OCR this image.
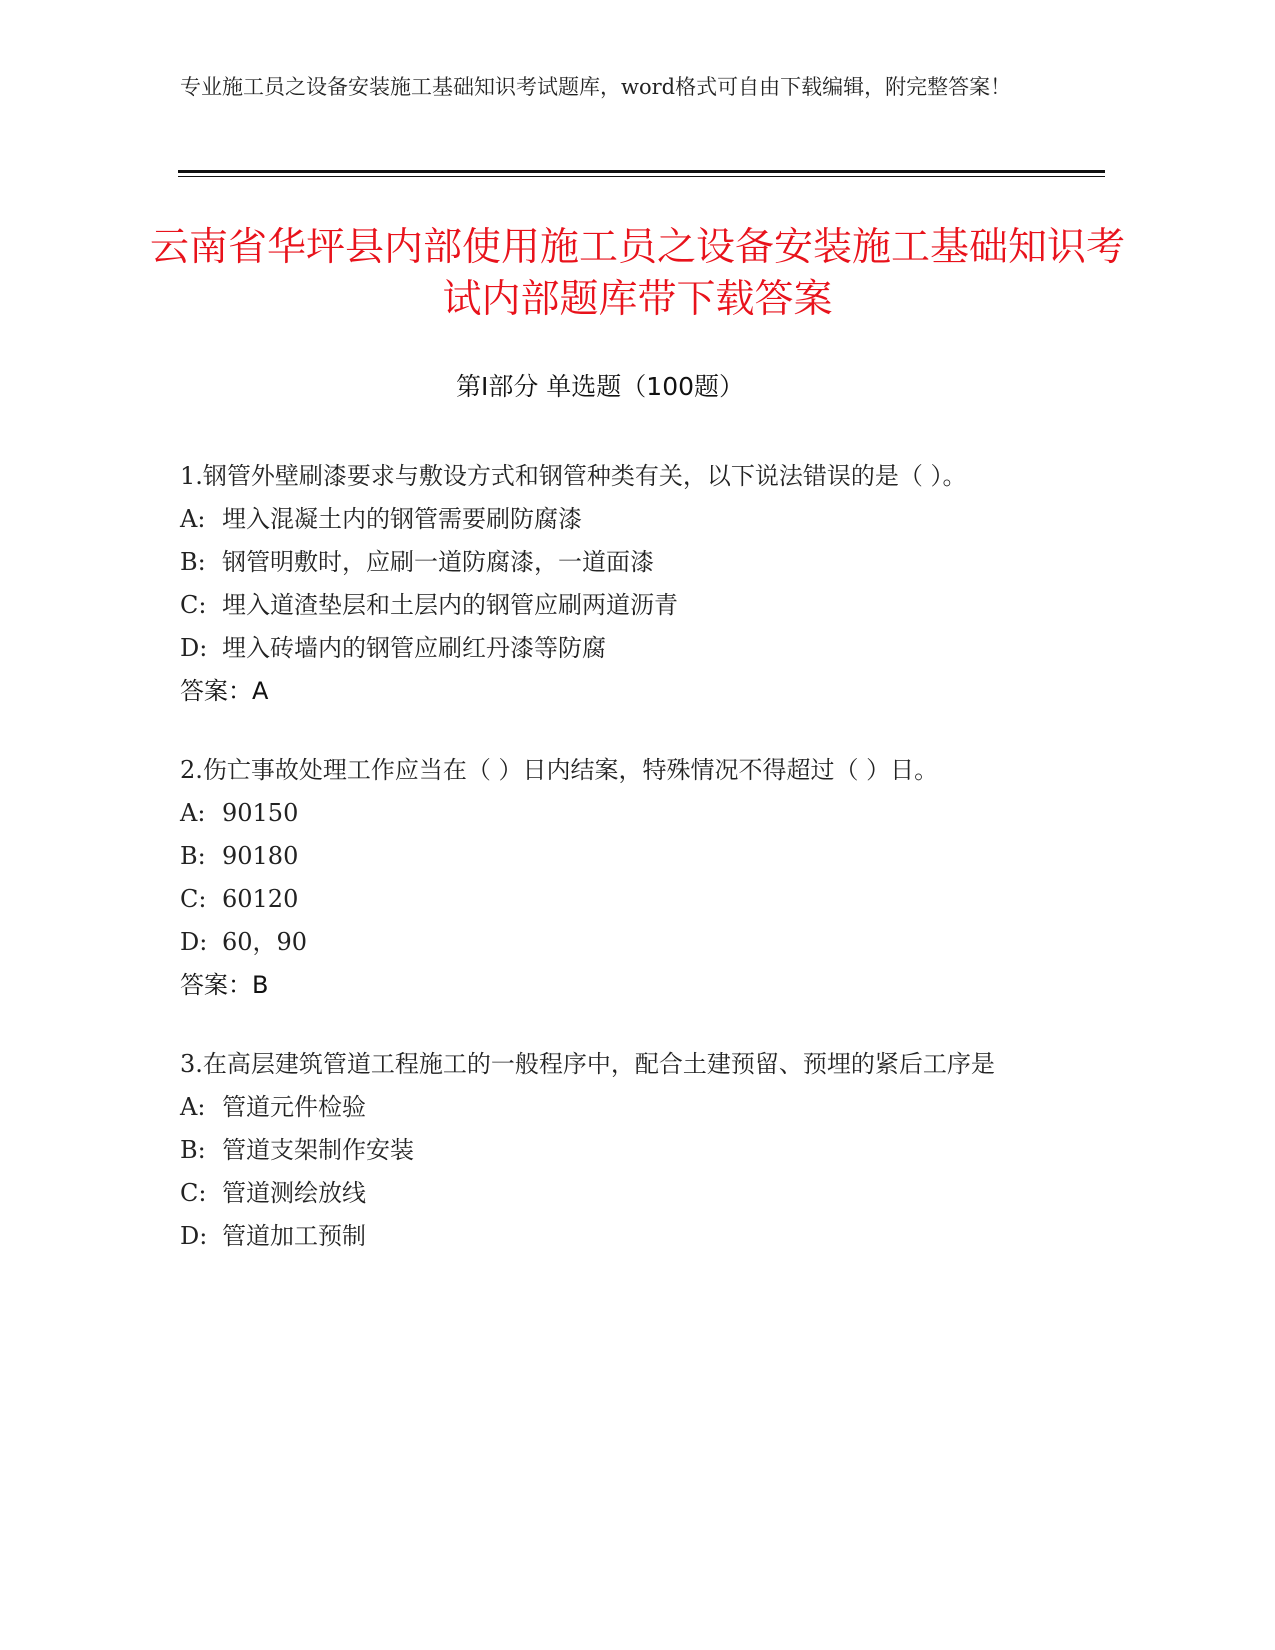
专业施工员之设备安装施工基础知识考试题库，word格式可自由下载编辑，附完整答案！
云南省华坪县内部使用施工员之设备安装施工基础知识考试内部题库带下载答案
第Ⅰ部分 单选题（100题）
1.钢管外壁刷漆要求与敷设方式和钢管种类有关，以下说法错误的是（ ）。
A: 埋入混凝土内的钢管需要刷防腐漆
B: 钢管明敷时，应刷一道防腐漆，一道面漆
C: 埋入道渣垫层和土层内的钢管应刷两道沥青
D: 埋入砖墙内的钢管应刷红丹漆等防腐
答案：A
2.伤亡事故处理工作应当在（ ）日内结案，特殊情况不得超过（ ）日。
A: 90150
B: 90180
C: 60120
D: 60，90
答案：B
3.在高层建筑管道工程施工的一般程序中，配合土建预留、预埋的紧后工序是
A: 管道元件检验
B: 管道支架制作安装
C: 管道测绘放线
D: 管道加工预制
